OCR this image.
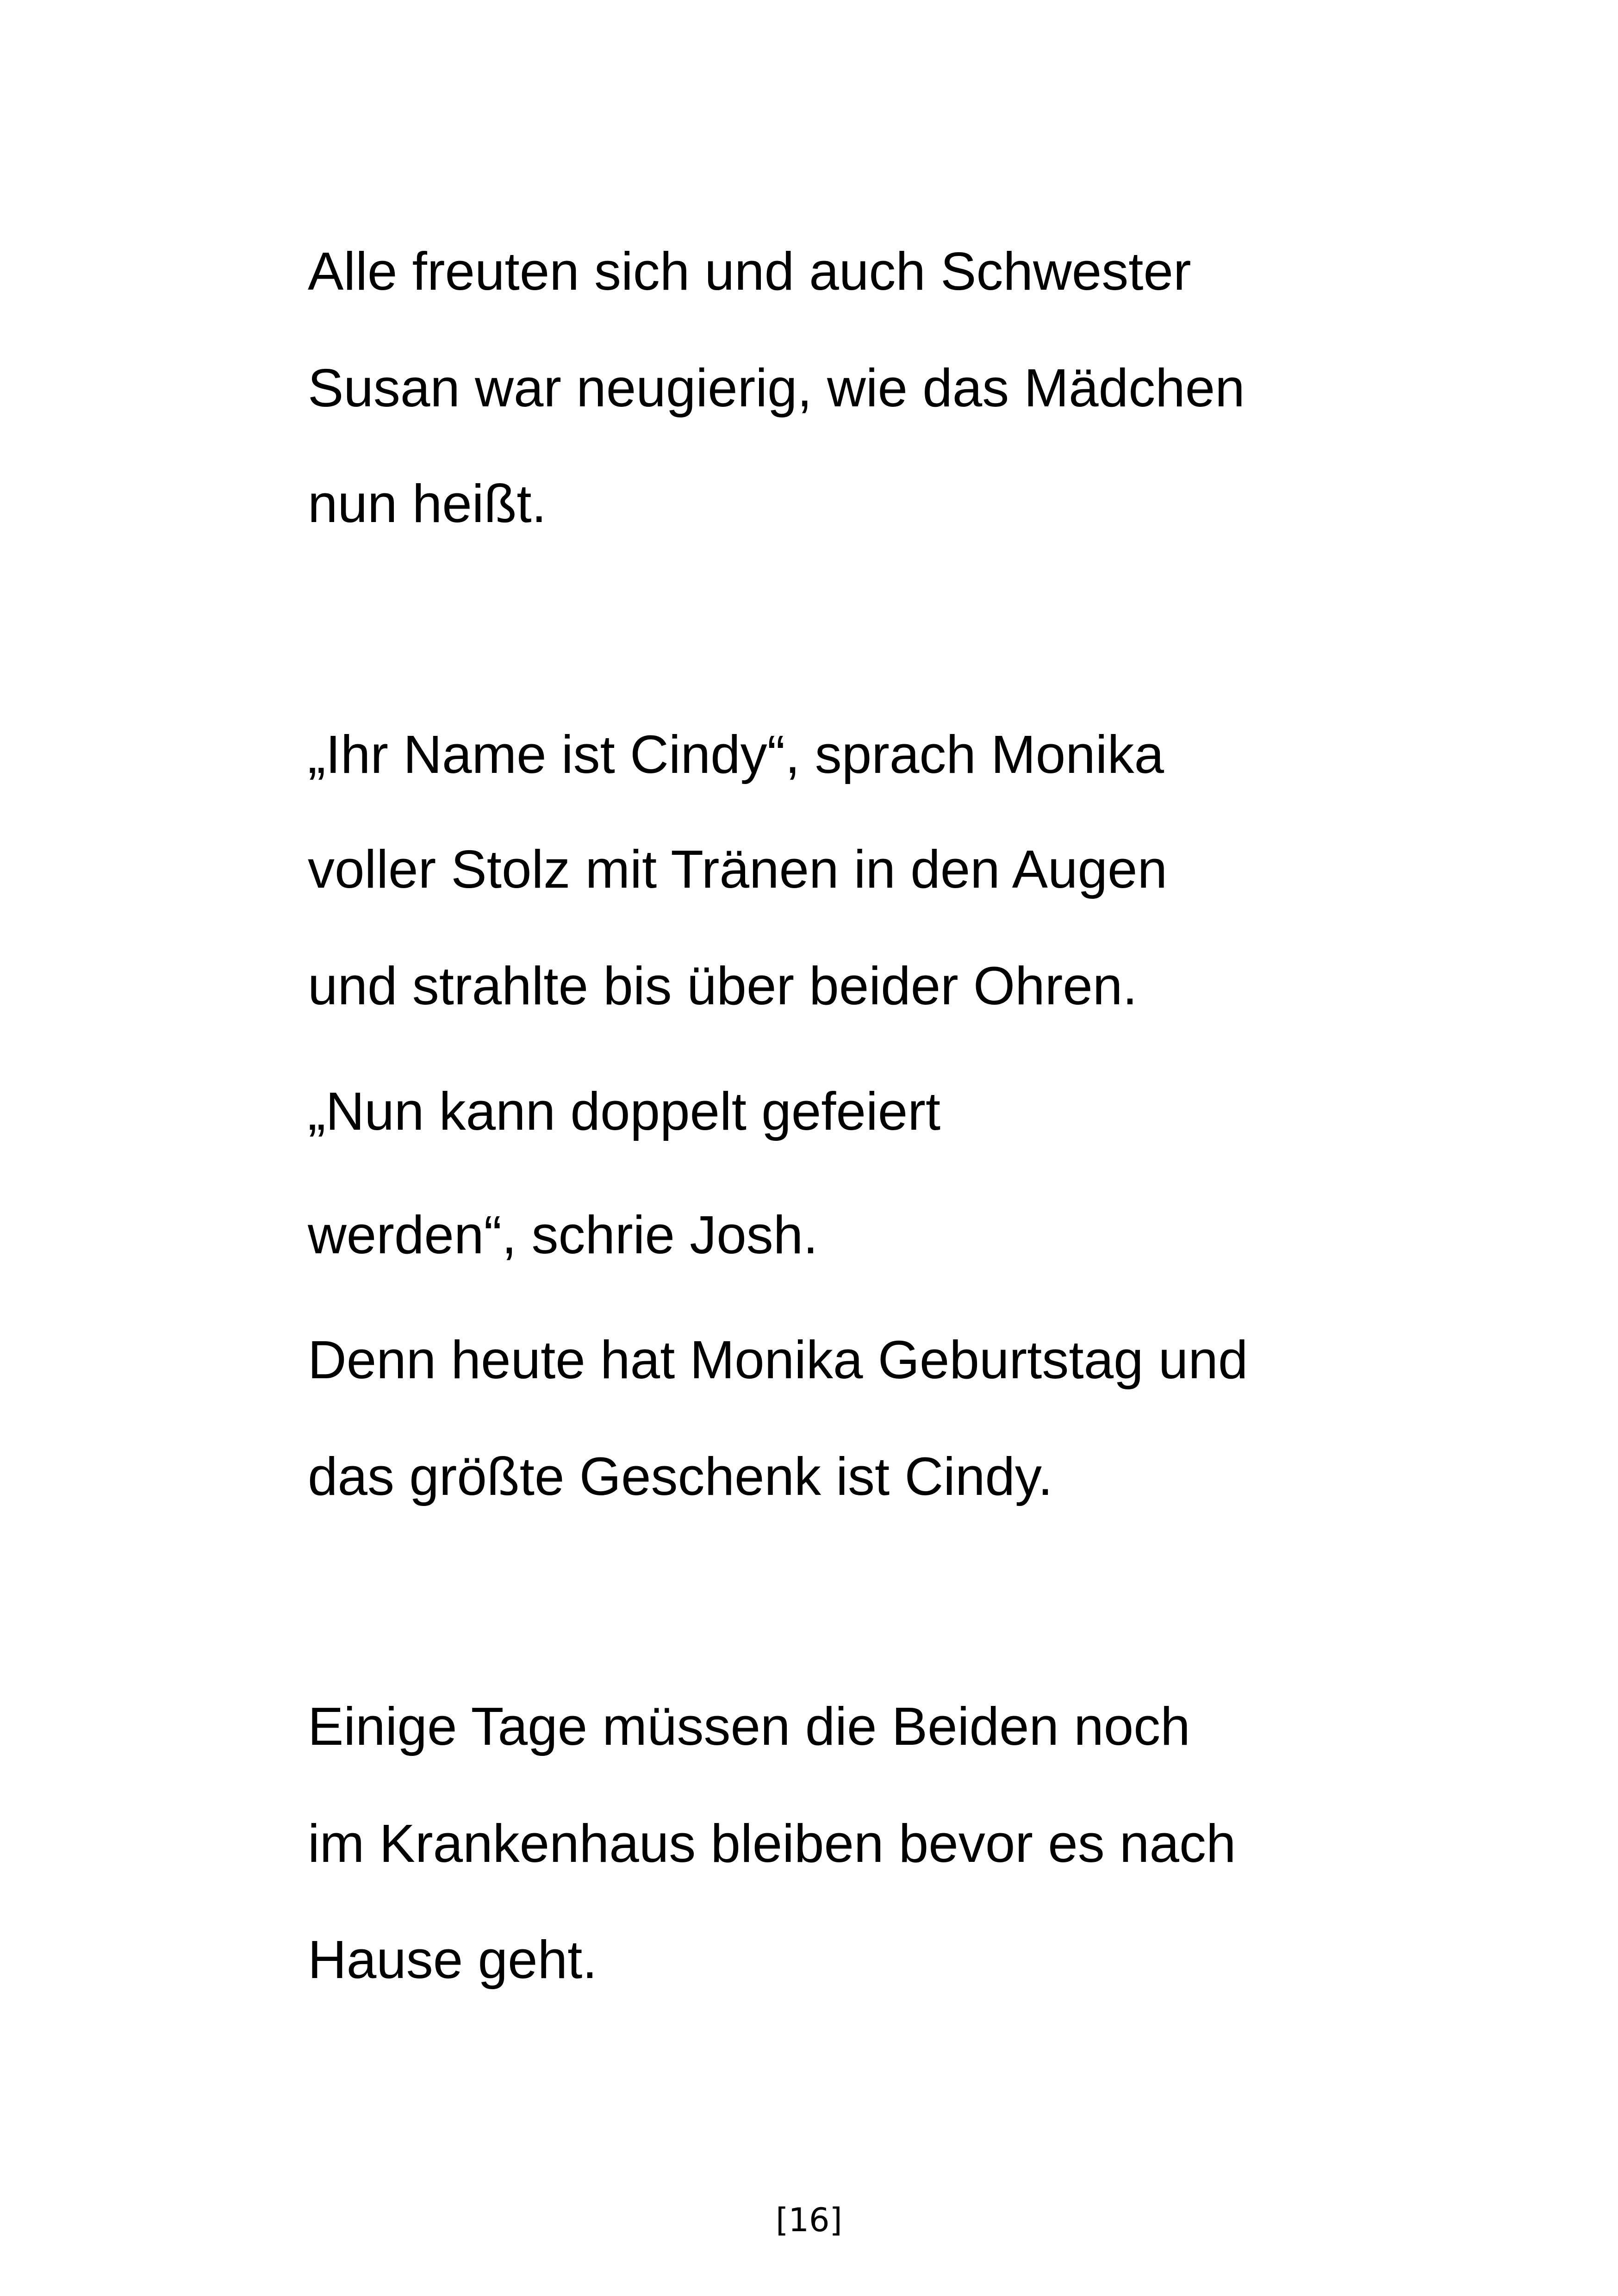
Alle freuten sich und auch Schwester

Susan war neugierig, wie das Mädchen

nun heißt.

„Ihr Name ist Cindy“, sprach Monika

voller Stolz mit Tränen in den Augen

und strahlte bis über beider Ohren.

„Nun kann doppelt gefeiert

werden“, schrie Josh.

Denn heute hat Monika Geburtstag und

das größte Geschenk ist Cindy.

Einige Tage müssen die Beiden noch

im Krankenhaus bleiben bevor es nach

Hause geht.

[16]
